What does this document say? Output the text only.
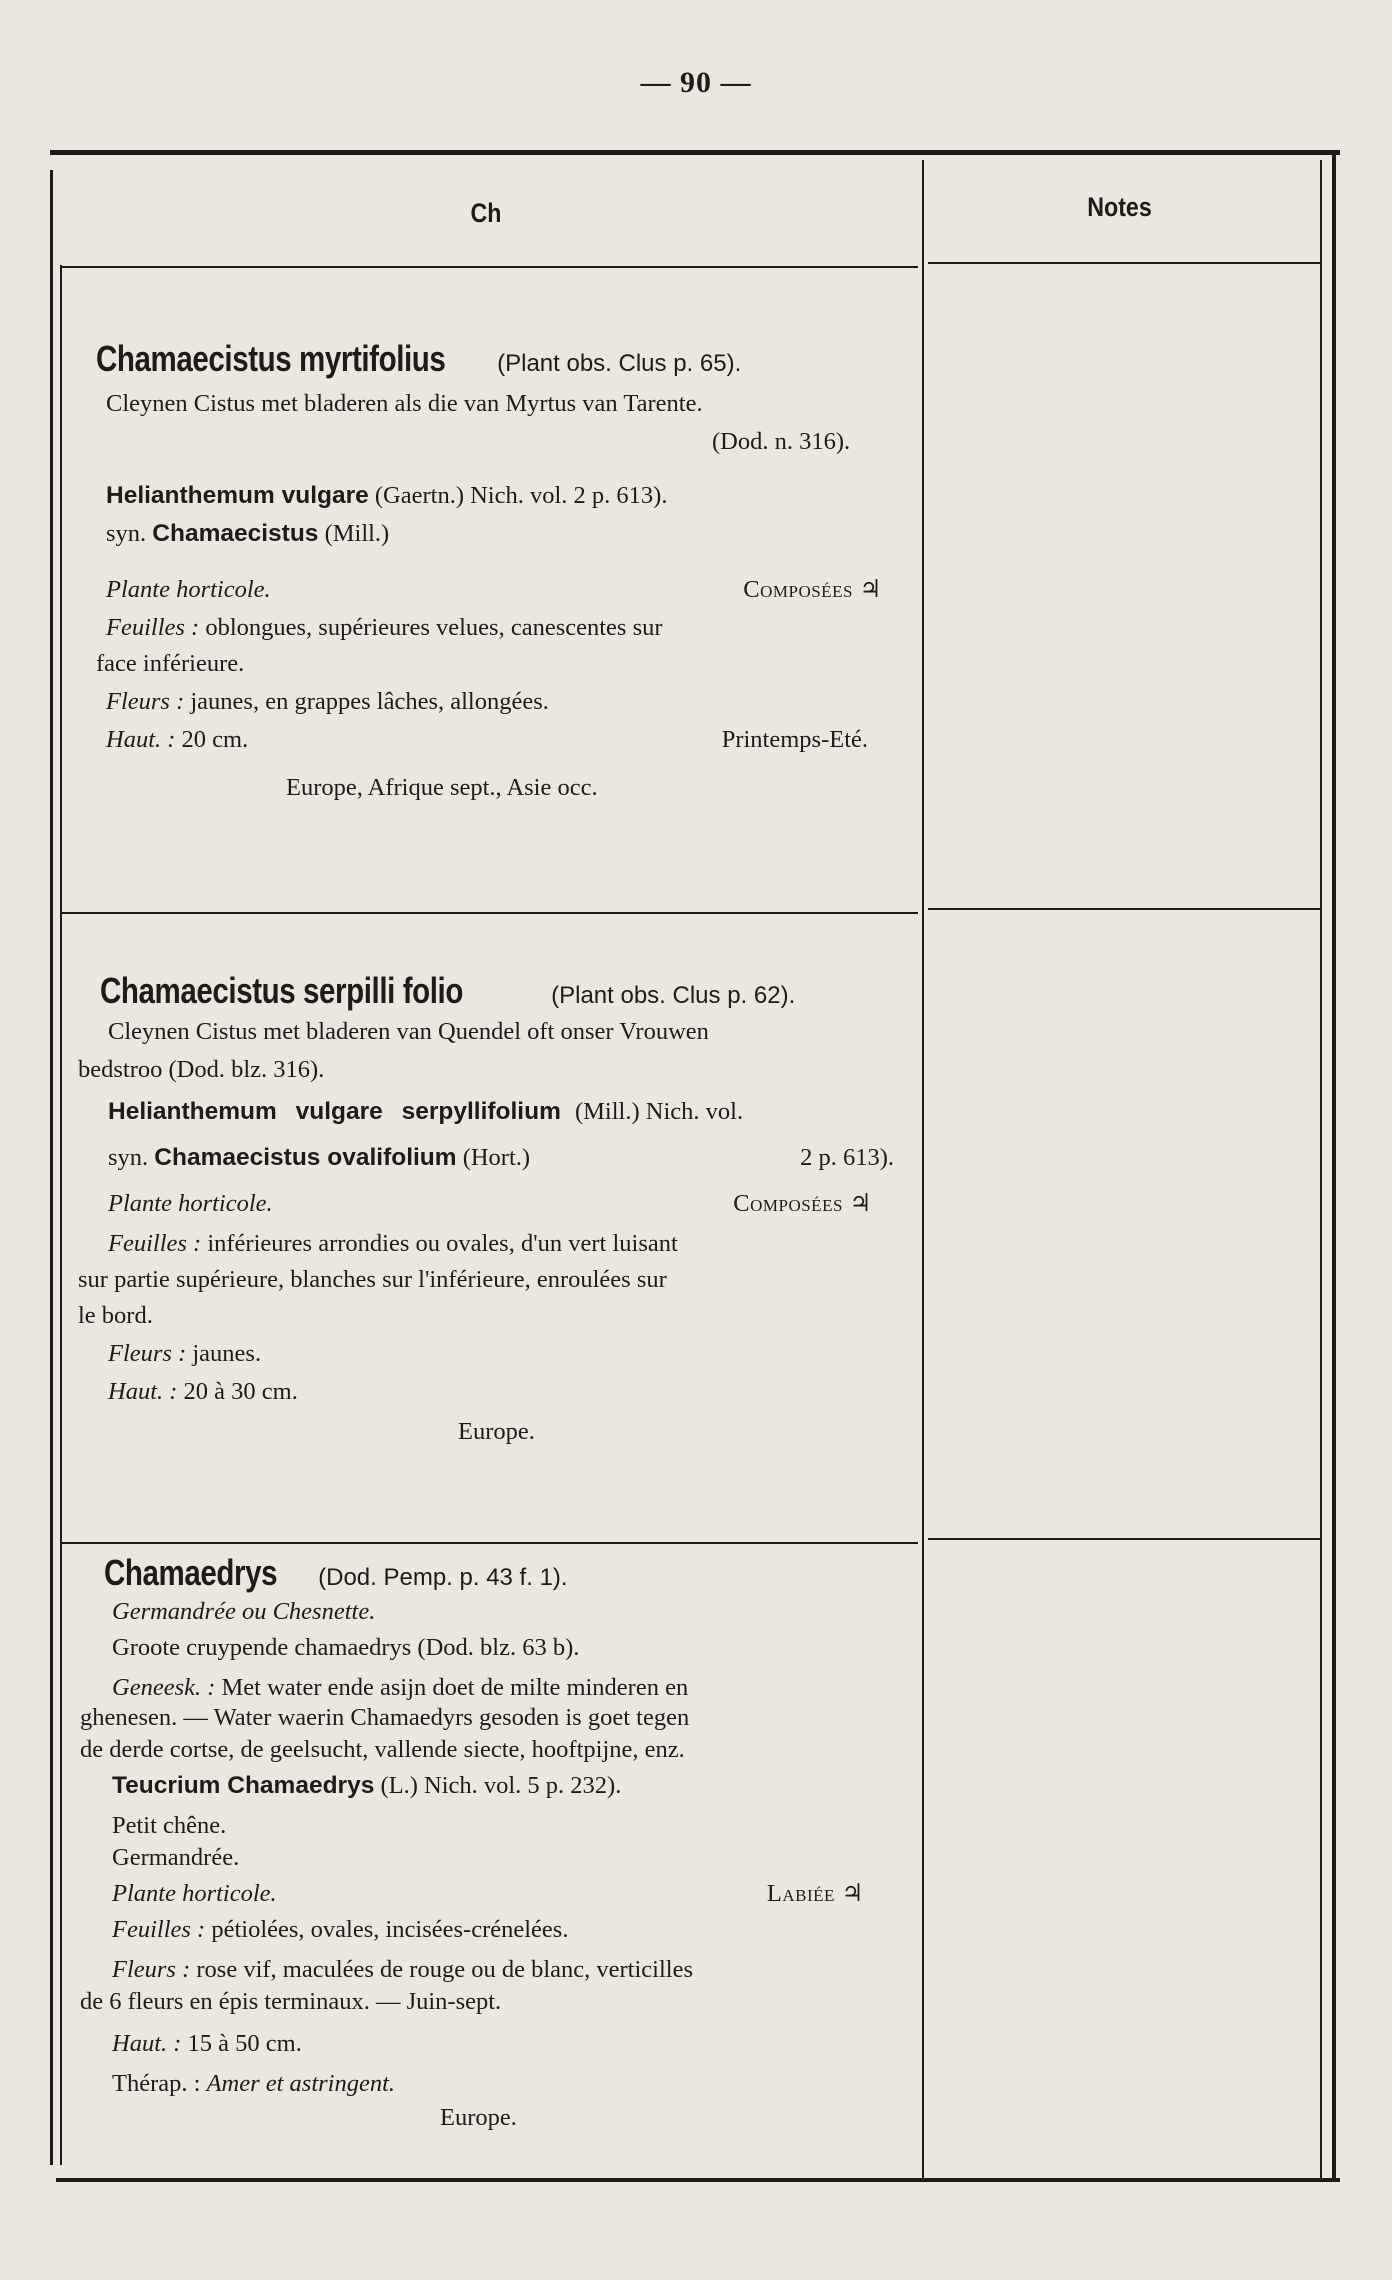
— 90 —
Ch	Notes
Chamaecistus myrtifolius (Plant obs. Clus p. 65).
Cleynen Cistus met bladeren als die van Myrtus van Tarente.
(Dod. n. 316).
Helianthemum vulgare (Gaertn.) Nich. vol. 2 p. 613).
syn. Chamaecistus (Mill.)
Plante horticole.	Composées ♃
Feuilles : oblongues, supérieures velues, canescentes sur
face inférieure.
Fleurs : jaunes, en grappes lâches, allongées.
Haut. : 20 cm.	Printemps-Eté.
Europe, Afrique sept., Asie occ.
Chamaecistus serpilli folio	(Plant obs. Clus p. 62).
Cleynen Cistus met bladeren van Quendel oft onser Vrouwen
bedstroo (Dod. blz. 316).
Helianthemum vulgare serpyllifolium (Mill.) Nich. vol.
syn. Chamaecistus ovalifolium (Hort.)	2 p. 613).
Plante horticole.	Composées ♃
Feuilles : inférieures arrondies ou ovales, d'un vert luisant
sur partie supérieure, blanches sur l'inférieure, enroulées sur
le bord.
Fleurs : jaunes.
Haut. : 20 à 30 cm.
Europe.
Chamaedrys (Dod. Pemp. p. 43 f. 1).
Germandrée ou Chesnette.
Groote cruypende chamaedrys (Dod. blz. 63 b).
Geneesk. : Met water ende asijn doet de milte minderen en
ghenesen. — Water waerin Chamaedyrs gesoden is goet tegen
de derde cortse, de geelsucht, vallende siecte, hooftpijne, enz.
Teucrium Chamaedrys (L.) Nich. vol. 5 p. 232).
Petit chêne.
Germandrée.
Plante horticole.	Labiée ♃
Feuilles : pétiolées, ovales, incisées-crénelées.
Fleurs : rose vif, maculées de rouge ou de blanc, verticilles
de 6 fleurs en épis terminaux. — Juin-sept.
Haut. : 15 à 50 cm.
Thérap. : Amer et astringent.
Europe.
